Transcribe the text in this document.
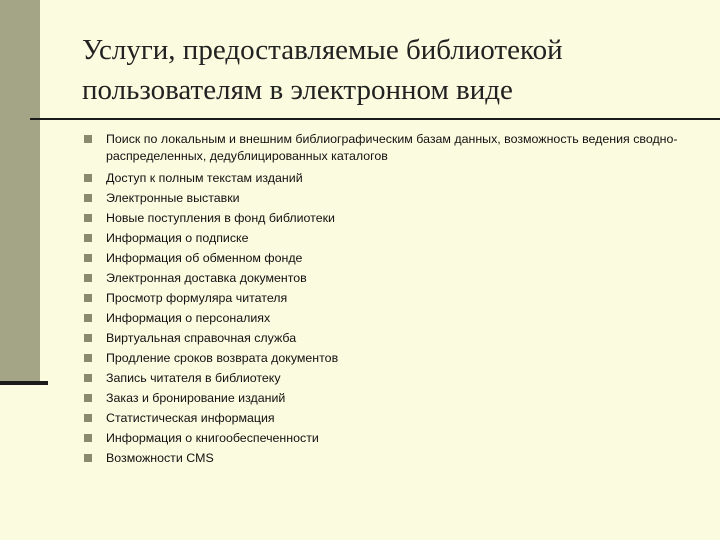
Услуги, предоставляемые библиотекой
пользователям в электронном виде
Поиск по локальным и внешним библиографическим базам данных, возможность ведения сводно-распределенных, дедублицированных каталогов
Доступ к полным текстам изданий
Электронные выставки
Новые поступления в фонд библиотеки
Информация о подписке
Информация об обменном фонде
Электронная доставка документов
Просмотр формуляра читателя
Информация о персоналиях
Виртуальная справочная служба
Продление сроков возврата документов
Запись читателя в библиотеку
Заказ и бронирование изданий
Статистическая информация
Информация о книгообеспеченности
Возможности CMS
